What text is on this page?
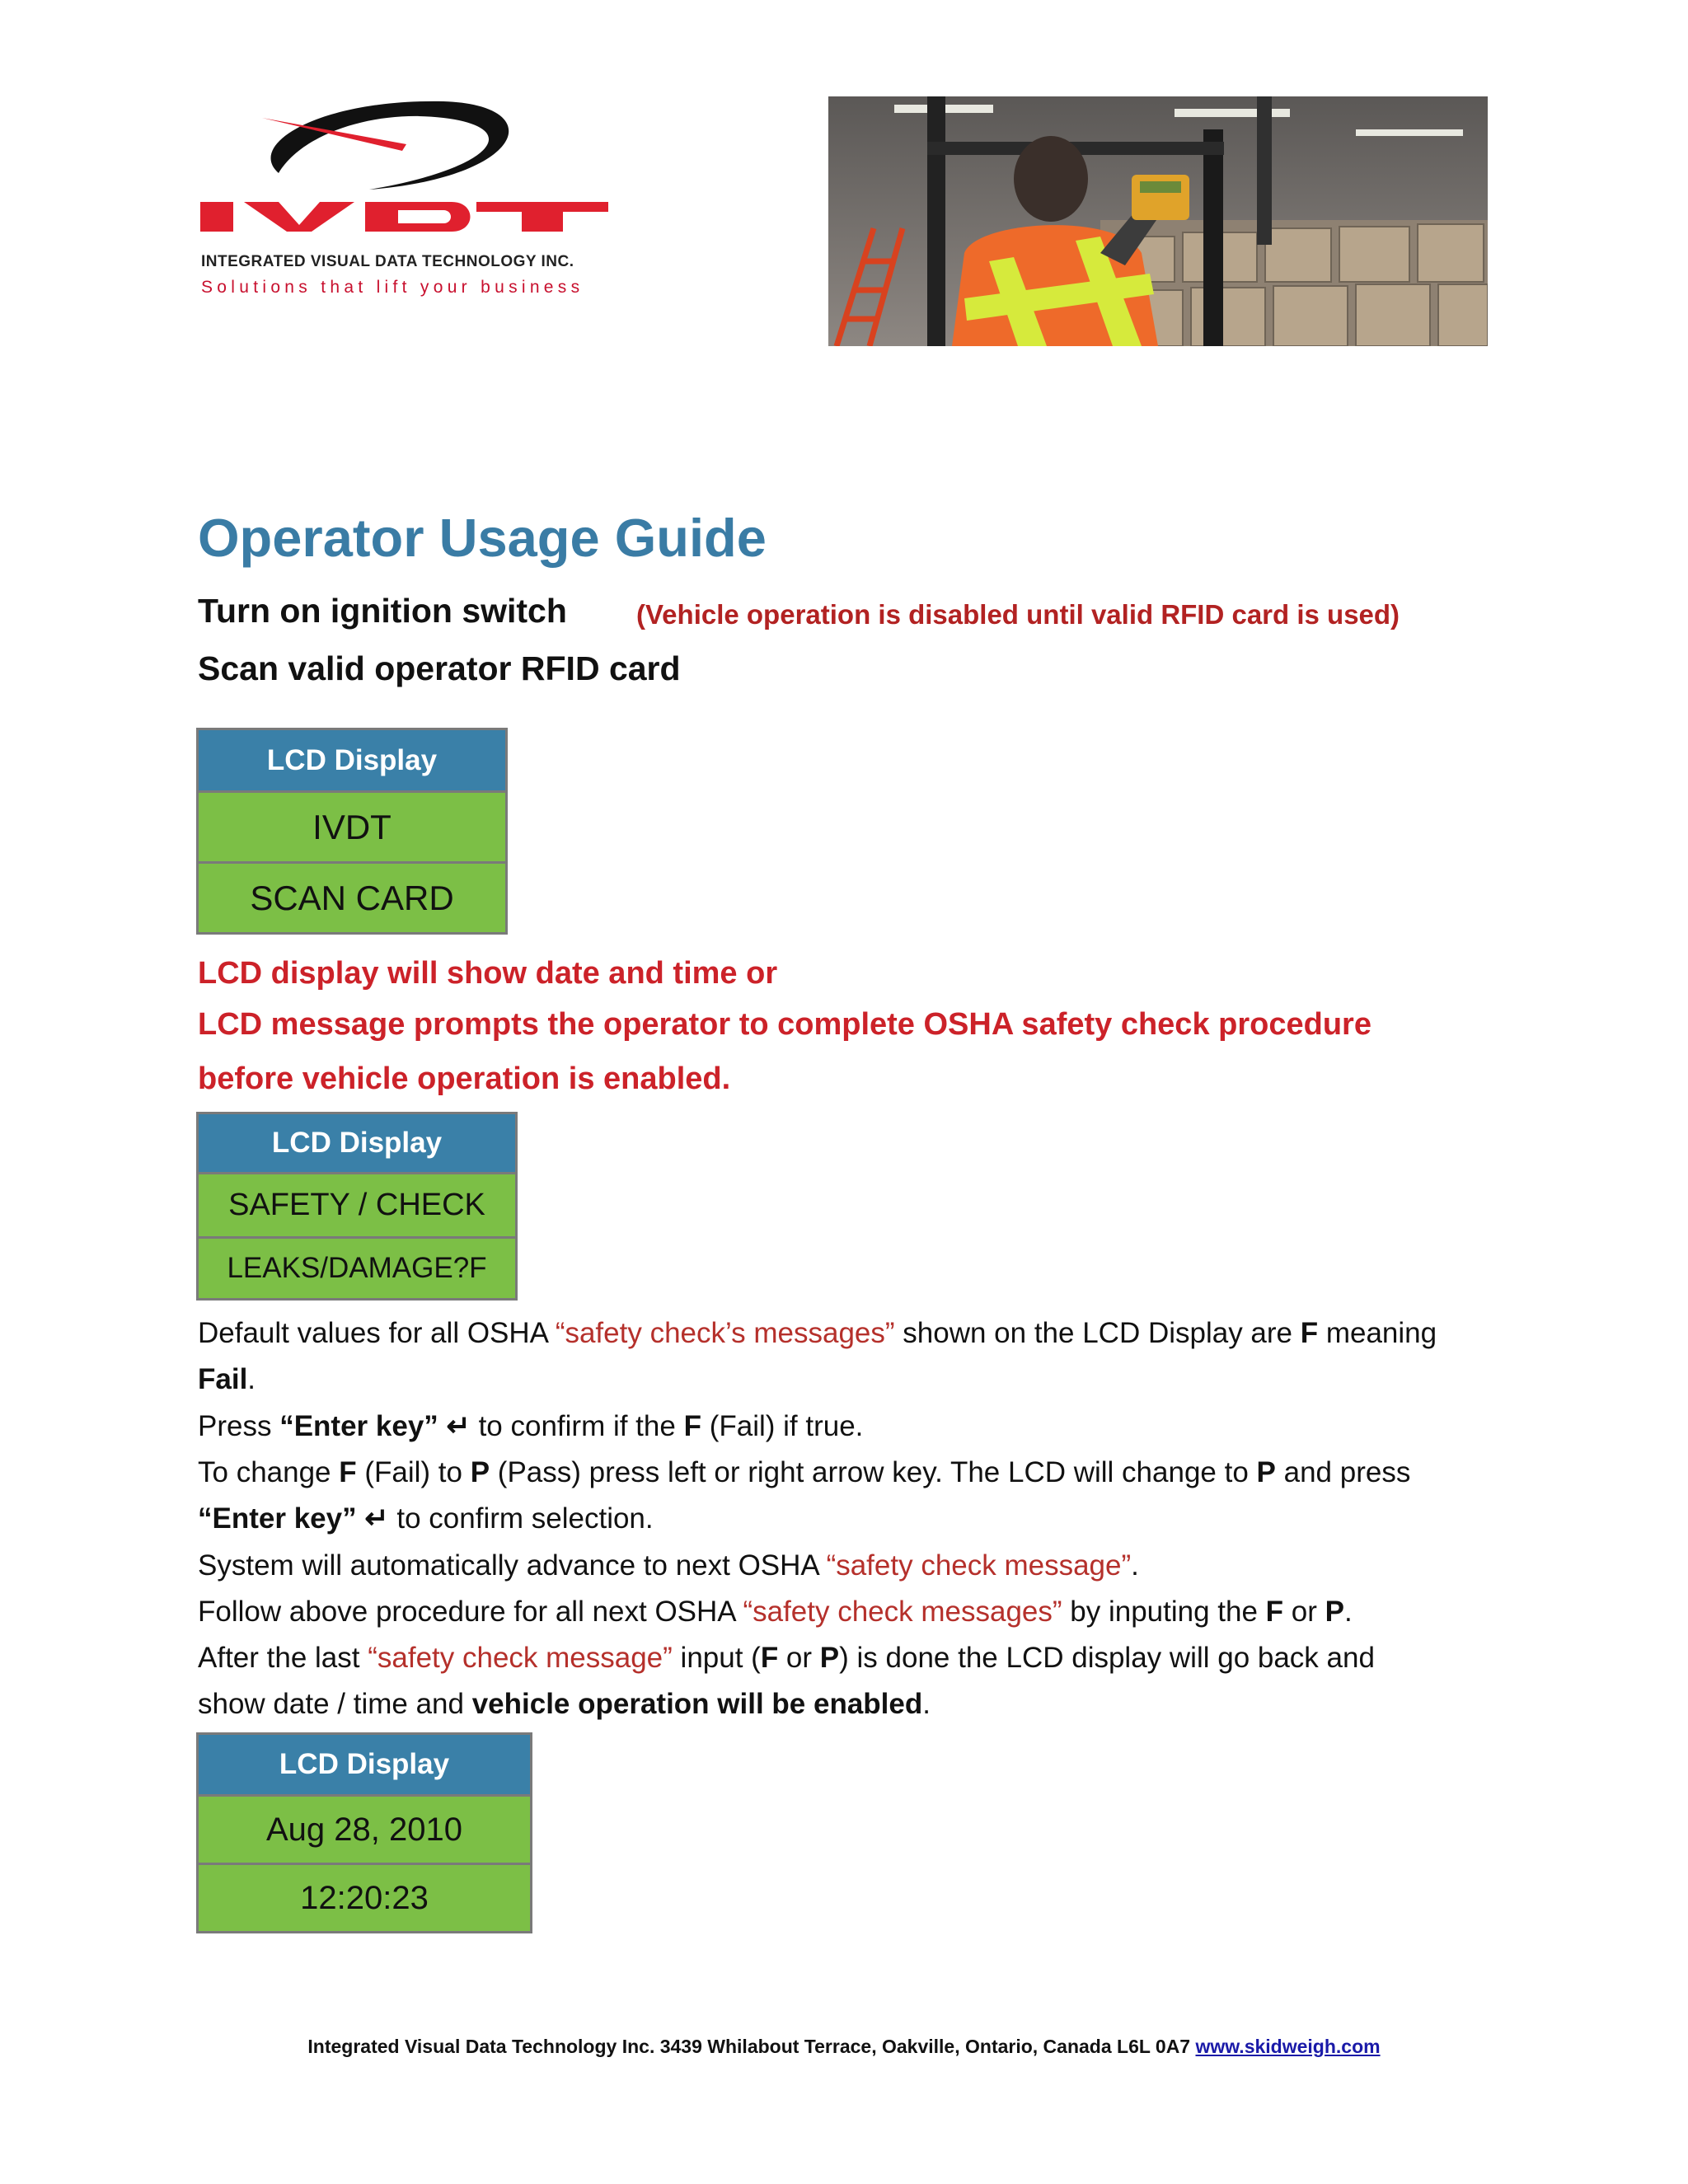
INTEGRATED VISUAL DATA TECHNOLOGY INC.
Solutions that lift your business
Operator Usage Guide
Turn on ignition switch	(Vehicle operation is disabled until valid RFID card is used)
Scan valid operator RFID card
LCD Display
IVDT
SCAN CARD
LCD display will show date and time or
LCD message prompts the operator to complete OSHA safety check procedure
before vehicle operation is enabled.
LCD Display
SAFETY / CHECK
LEAKS/DAMAGE?F
Default values for all OSHA “safety check’s messages” shown on the LCD Display are F meaning
Fail.
Press “Enter key” ↵ to confirm if the F (Fail) if true.
To change F (Fail) to P (Pass) press left or right arrow key. The LCD will change to P and press
“Enter key” ↵ to confirm selection.
System will automatically advance to next OSHA “safety check message”.
Follow above procedure for all next OSHA “safety check messages” by inputing the F or P.
After the last “safety check message” input (F or P) is done the LCD display will go back and
show date / time and vehicle operation will be enabled.
LCD Display
Aug 28, 2010
12:20:23
Integrated Visual Data Technology Inc. 3439 Whilabout Terrace, Oakville, Ontario, Canada L6L 0A7 www.skidweigh.com
